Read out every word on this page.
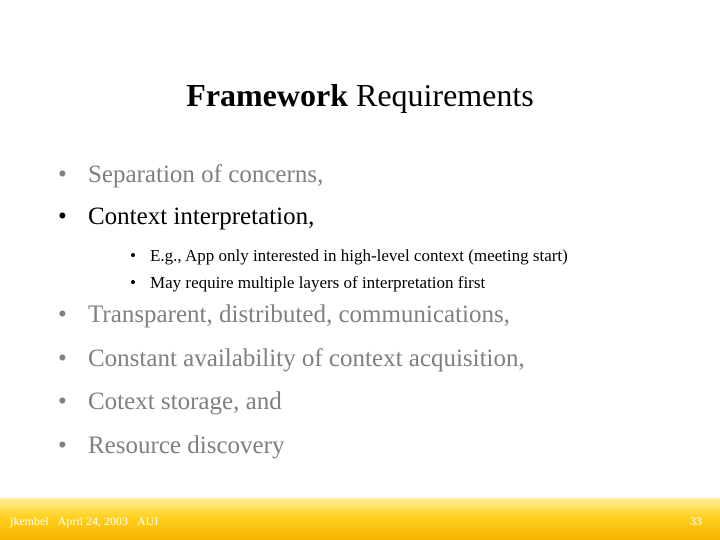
Framework Requirements
• Separation of concerns,
• Context interpretation,
• E.g., App only interested in high-level context (meeting start)
• May require multiple layers of interpretation first
• Transparent, distributed, communications,
• Constant availability of context acquisition,
• Cotext storage, and
• Resource discovery
jkembel April 24, 2003 AUI	33
